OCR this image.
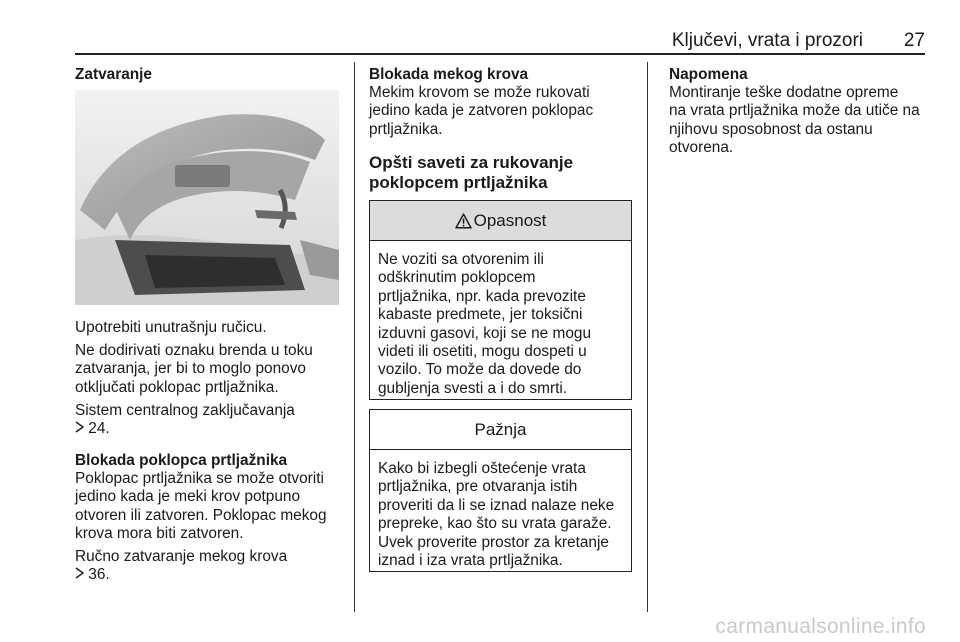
Ključevi, vrata i prozori 27
Zatvaranje
Upotrebiti unutrašnju ručicu.

Ne dodirivati oznaku brenda u toku

zatvaranja, jer bi to moglo ponovo

otključati poklopac prtljažnika.

Sistem centralnog zaključavanja

24.

Blokada poklopca prtljažnika

Poklopac prtljažnika se može otvoriti

jedino kada je meki krov potpuno

otvoren ili zatvoren. Poklopac mekog

krova mora biti zatvoren.

Ručno zatvaranje mekog krova

36.

Blokada mekog krova

Mekim krovom se može rukovati

jedino kada je zatvoren poklopac

prtljažnika.

Opšti saveti za rukovanje

poklopcem prtljažnika

Opasnost

Ne voziti sa otvorenim ili

odškrinutim poklopcem

prtljažnika, npr. kada prevozite

kabaste predmete, jer toksični

izduvni gasovi, koji se ne mogu

videti ili osetiti, mogu dospeti u

vozilo. To može da dovede do

gubljenja svesti a i do smrti.

Pažnja

Kako bi izbegli oštećenje vrata

prtljažnika, pre otvaranja istih

proveriti da li se iznad nalaze neke

prepreke, kao što su vrata garaže.

Uvek proverite prostor za kretanje

iznad i iza vrata prtljažnika.

Napomena

Montiranje teške dodatne opreme

na vrata prtljažnika može da utiče na

njihovu sposobnost da ostanu

otvorena.

carmanualsonline.info
